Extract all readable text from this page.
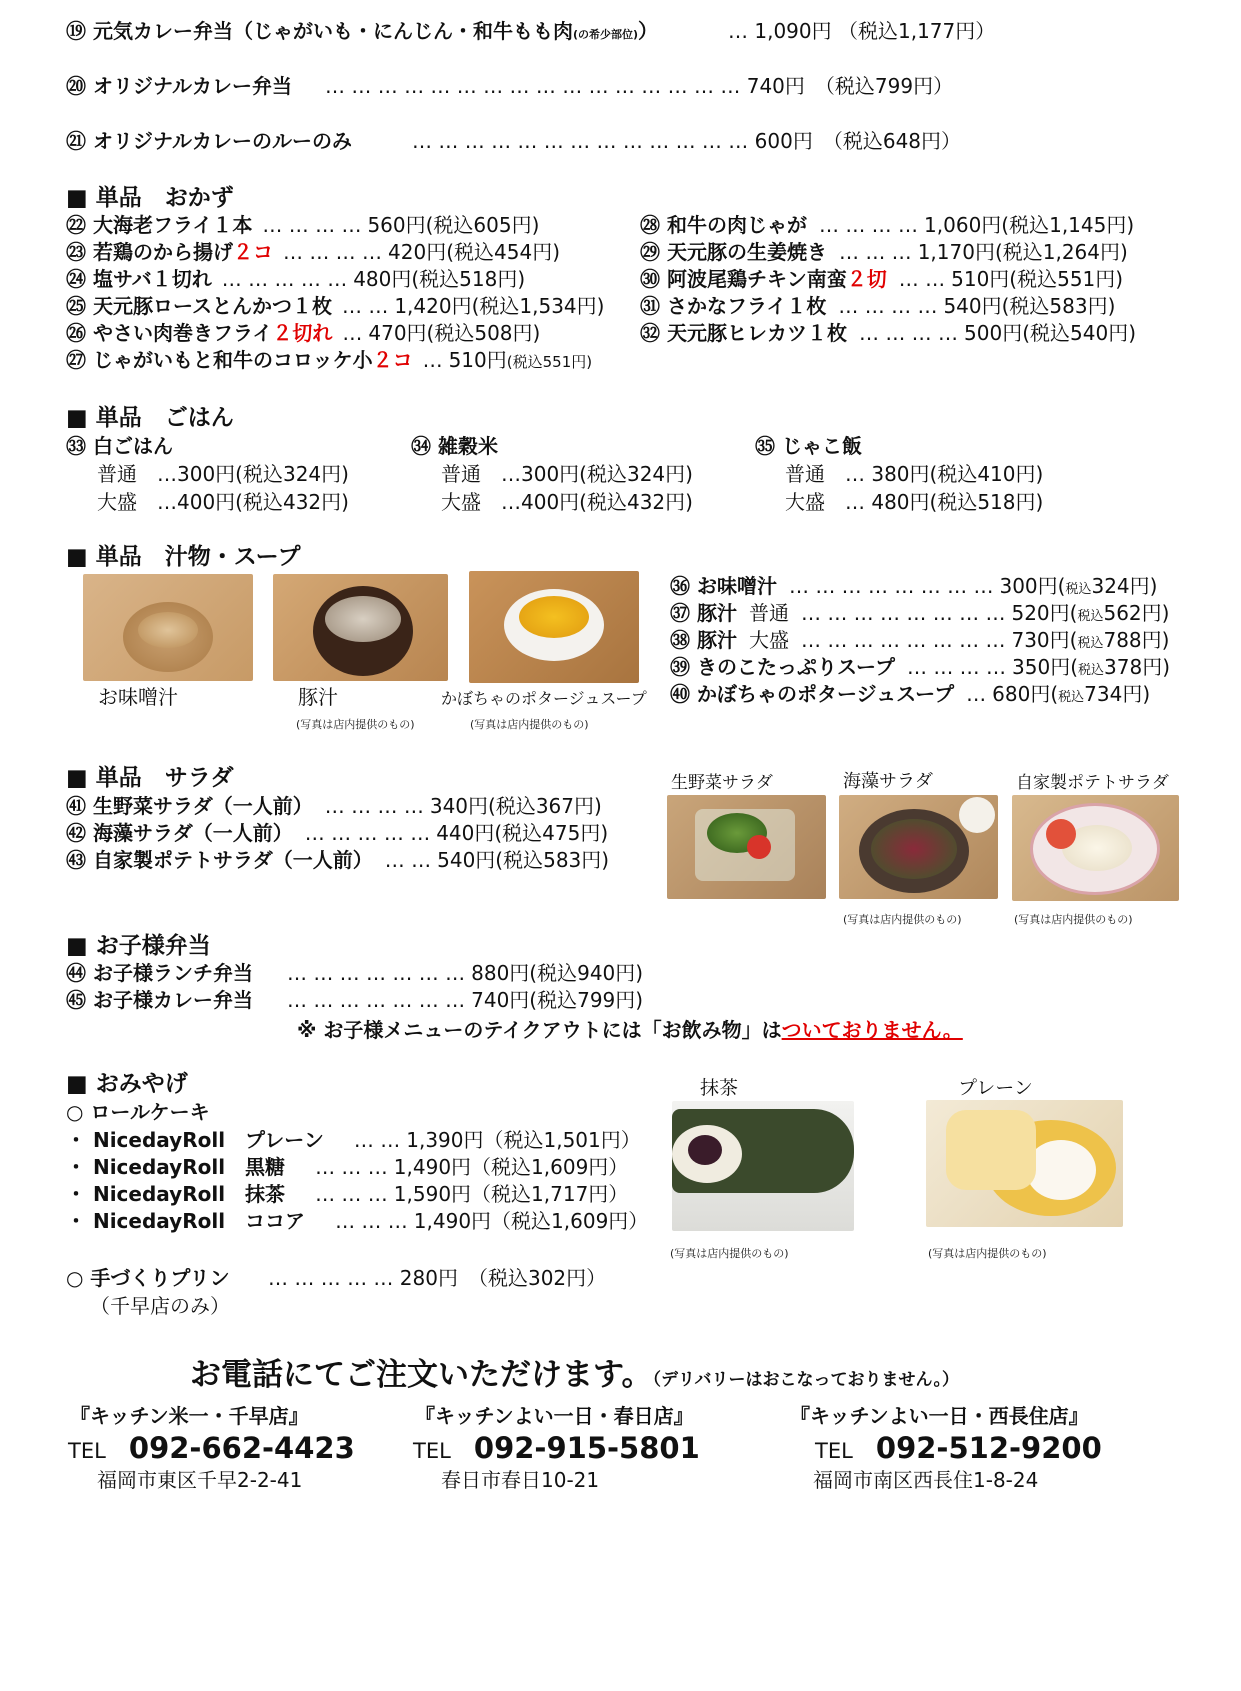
⑲ 元気カレー弁当（じゃがいも・にんじん・和牛もも肉(の希少部位)）	… 1,090円 （税込1,177円）
⑳ オリジナルカレー弁当 … … … … … … … … … … … … … … … … 740円　 （税込799円）
㉑ オリジナルカレーのルーのみ	… … … … … … … … … … … … … 600円　 （税込648円）
■ 単品　おかず
㉒ 大海老フライ１本 … … … … 560円(税込605円)
㉓ 若鶏のから揚げ２コ … … … … 420円(税込454円)
㉔ 塩サバ１切れ … … … … … 480円(税込518円)
㉕ 天元豚ロースとんかつ１枚 … … 1,420円(税込1,534円)
㉖ やさい肉巻きフライ２切れ … 470円(税込508円)
㉗ じゃがいもと和牛のコロッケ小２コ … 510円(税込551円)
㉘ 和牛の肉じゃが … … … … 1,060円(税込1,145円)
㉙ 天元豚の生姜焼き … … … 1,170円(税込1,264円)
㉚ 阿波尾鶏チキン南蛮２切 … … 510円(税込551円)
㉛ さかなフライ１枚 … … … … 540円(税込583円)
㉜ 天元豚ヒレカツ１枚 … … … … 500円(税込540円)
■ 単品　ごはん
㉝ 白ごはん
普通　…300円(税込324円)
大盛　…400円(税込432円)
㉞ 雑穀米
普通　…300円(税込324円)
大盛　…400円(税込432円)
㉟ じゃこ飯
普通　… 380円(税込410円)
大盛　… 480円(税込518円)
■ 単品　汁物・スープ
お味噌汁	豚汁	かぼちゃのポタージュスープ
(写真は店内提供のもの)	(写真は店内提供のもの)
㊱ お味噌汁 … … … … … … … … 300円(税込324円)
㊲ 豚汁 普通 … … … … … … … … 520円(税込562円)
㊳ 豚汁 大盛 … … … … … … … … 730円(税込788円)
㊴ きのこたっぷりスープ … … … … 350円(税込378円)
㊵ かぼちゃのポタージュスープ … 680円(税込734円)
■ 単品　サラダ
㊶ 生野菜サラダ（一人前） … … … … 340円(税込367円)
㊷ 海藻サラダ（一人前） … … … … … 440円(税込475円)
㊸ 自家製ポテトサラダ（一人前） … … 540円(税込583円)
生野菜サラダ	海藻サラダ	自家製ポテトサラダ
(写真は店内提供のもの)	(写真は店内提供のもの)
■ お子様弁当
㊹ お子様ランチ弁当 … … … … … … … 880円(税込940円)
㊺ お子様カレー弁当 … … … … … … … 740円(税込799円)
※ お子様メニューのテイクアウトには「お飲み物」はついておりません。
■ おみやげ
○ ロールケーキ
・ NicedayRoll　プレーン … … 1,390円（税込1,501円）
・ NicedayRoll　黒糖 … … … 1,490円（税込1,609円）
・ NicedayRoll　抹茶 … … … 1,590円（税込1,717円）
・ NicedayRoll　ココア … … … 1,490円（税込1,609円）
○ 手づくりプリン … … … … … 280円　 （税込302円）
（千早店のみ）
抹茶	プレーン
(写真は店内提供のもの)	(写真は店内提供のもの)
お電話にてご注文いただけます。（デリバリーはおこなっておりません。）
『キッチン米一・千早店』
TEL 092-662-4423
福岡市東区千早2-2-41
『キッチンよい一日・春日店』
TEL 092-915-5801
春日市春日10-21
『キッチンよい一日・西長住店』
TEL 092-512-9200
福岡市南区西長住1-8-24
